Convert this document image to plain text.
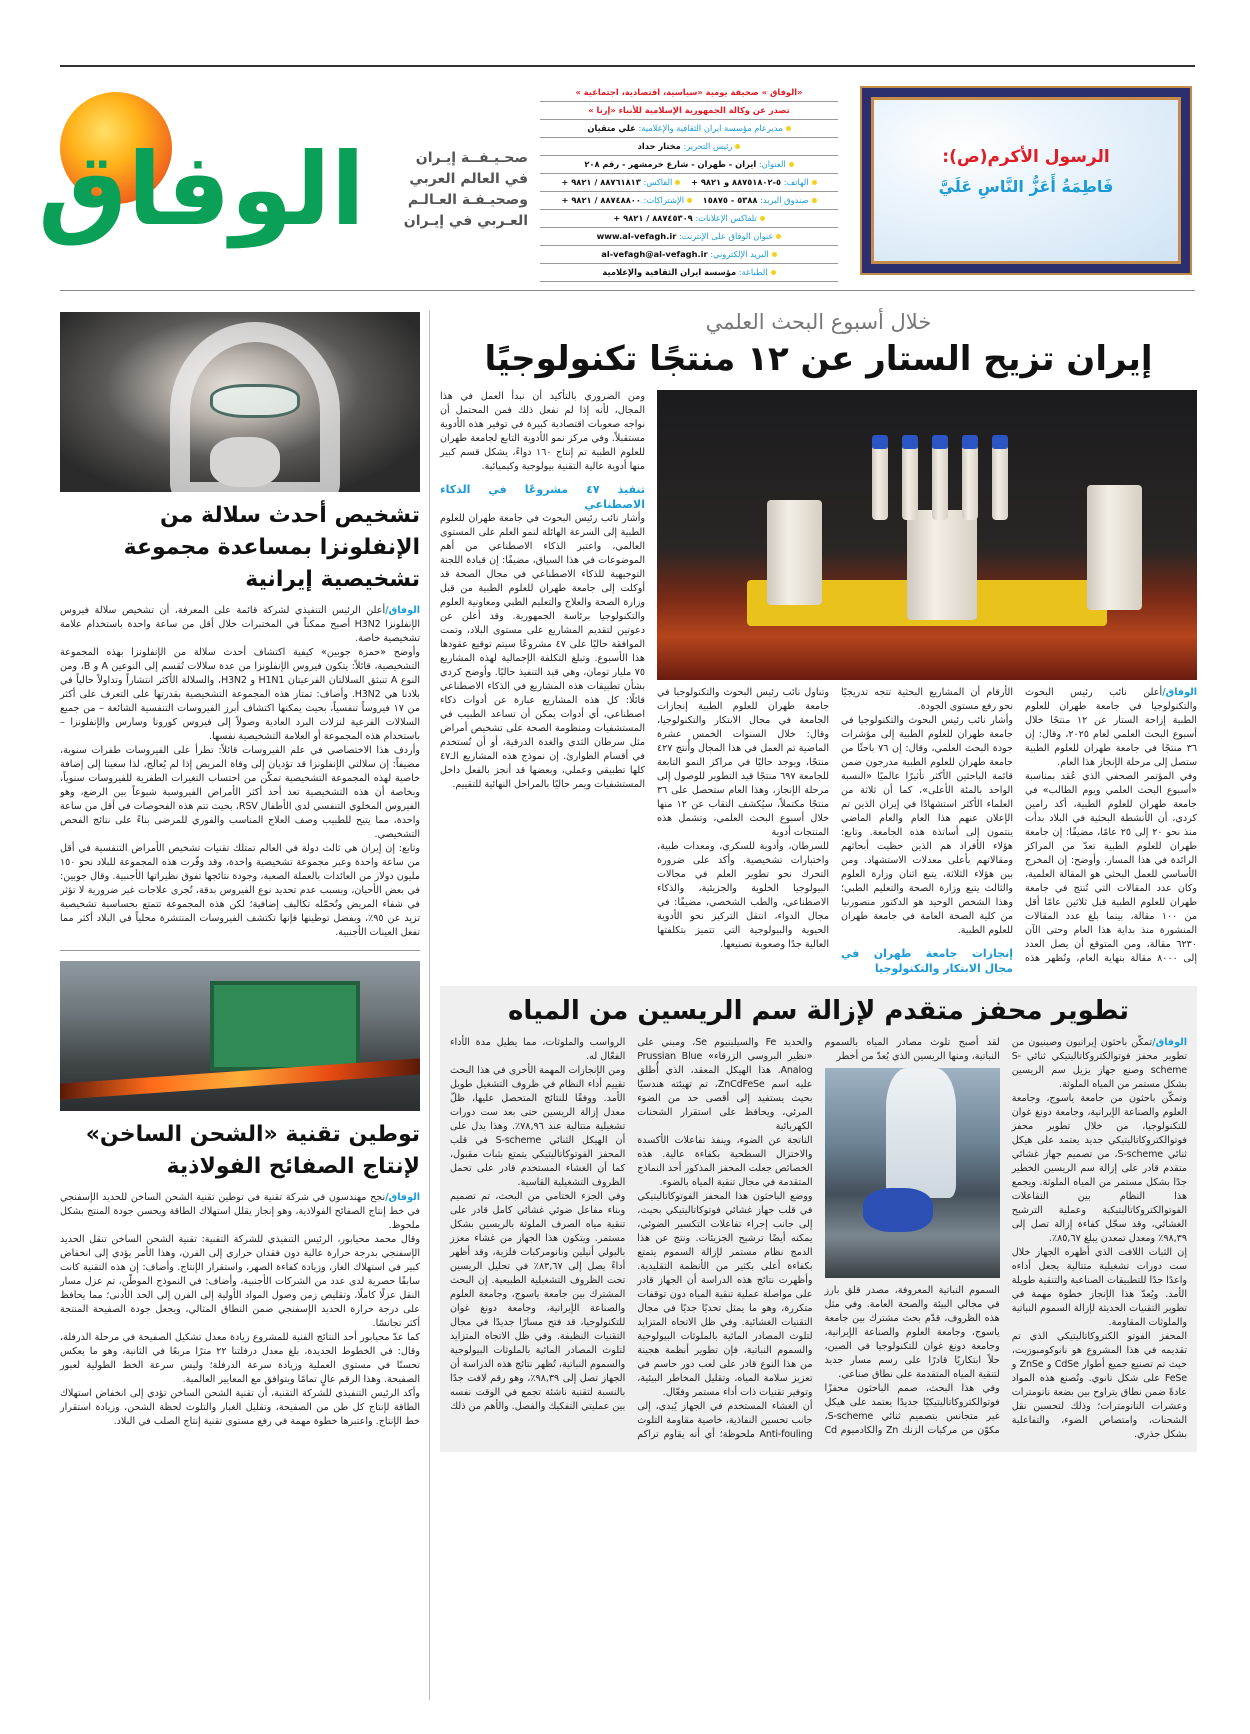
الرسول الأكرم(ص):
فَاطِمَةُ أَعَزُّ النَّاسِ عَلَيَّ
«الوفاق » صحيفة يومية «سياسية، اقتصادية، اجتماعية »
تصدر عن وكالة الجمهورية الإسلامية للأنباء «إرنا »
مديرعام مؤسسة ايران الثقافية والإعلامية: علي متقيان
رئيس التحرير: مختار حداد
العنوان: ايران - طهران - شارع خرمشهر - رقم ٢٠٨
الهاتف: ٥-٨٨٧٥١٨٠٢ و ٩٨٢١ + الفاكس: ٨٨٧٦١٨١٣ / ٩٨٢١ +
صندوق البريد: ٥٣٨٨ - ١٥٨٧٥ الإشتراكات: ٨٨٧٤٨٨٠٠ / ٩٨٢١ +
تلفاكس الإعلانات: ٨٨٧٤٥٣٠٩ / ٩٨٢١ +
عنوان الوفاق على الإنترنت: www.al-vefagh.ir
البريد الإلكتروني: al-vefagh@al-vefagh.ir
الطباعة: مؤسسة ايران الثقافية والإعلامية
الوفاق	صحـيـفــة إيـران
في العالم العربي
وصحيـفـة العـالـم
العـربي في إيـران
تشخيص أحدث سلالة من الإنفلونزا بمساعدة مجموعة تشخيصية إيرانية

الوفاق/أعلن الرئيس التنفيذي لشركة قائمة على المعرفة، أن تشخيص سلالة فيروس الإنفلونزا H3N2 أصبح ممكناً في المختبرات خلال أقل من ساعة واحدة باستخدام علامة تشخيصية خاصة.

وأوضح «حمزة جوبين» كيفية اكتشاف أحدث سلالة من الإنفلونزا بهذه المجموعة التشخيصية، قائلاً: يتكون فيروس الإنفلونزا من عدة سلالات تُقسم إلى النوعين A و B، ومن النوع A تنبثق السلالتان الفرعيتان H1N1 و H3N2، والسلالة الأكثر انتشاراً وتداولاً حالياً في بلادنا هي H3N2. وأضاف: تمتاز هذه المجموعة التشخيصية بقدرتها على التعرف على أكثر من ١٧ فيروساً تنفسياً، بحيث يمكنها اكتشاف أبرز الفيروسات التنفسية الشائعة – من جميع السلالات الفرعية لنزلات البرد العادية وصولاً إلى فيروس كورونا وسارس والإنفلونزا – باستخدام هذه المجموعة أو العلامة التشخيصية نفسها.

وأردف هذا الاختصاصي في علم الفيروسات قائلاً: تطرأ على الفيروسات طفرات سنوية، مضيفاً: إن سلالتي الإنفلونزا قد تؤديان إلى وفاة المريض إذا لم يُعالج، لذا سعينا إلى إضافة خاصية لهذه المجموعة التشخيصية تمكّن من احتساب التغيرات الطفرية للفيروسات سنوياً، وبخاصة أن هذه التشخيصية تعد أحد أكثر الأمراض الفيروسية شيوعاً بين الرضع، وهو الفيروس المخلوي التنفسي لدى الأطفال RSV، بحيث تتم هذه الفحوصات في أقل من ساعة واحدة، مما يتيح للطبيب وصف العلاج المناسب والفوري للمرضى بناءً على نتائج الفحص التشخيصي.

وتابع: إن إيران هي ثالث دولة في العالم تمتلك تقنيات تشخيص الأمراض التنفسية في أقل من ساعة واحدة وعبر مجموعة تشخيصية واحدة، وقد وفّرت هذه المجموعة للبلاد نحو ١٥٠ مليون دولار من العائدات بالعملة الصعبة، وجودة نتائجها تفوق نظيراتها الأجنبية. وقال جوبين: في بعض الأحيان، وبسبب عدم تحديد نوع الفيروس بدقة، تُجرى علاجات غير ضرورية لا تؤثر في شفاء المريض وتُحمّله تكاليف إضافية؛ لكن هذه المجموعة تتمتع بحساسية تشخيصية تزيد عن ٩٥٪، وبفضل توطينها فإنها تكتشف الفيروسات المنتشرة محلياً في البلاد أكثر مما تفعل العينات الأجنبية.

توطين تقنية «الشحن الساخن» لإنتاج الصفائح الفولاذية

الوفاق/نجح مهندسون في شركة تقنية في توطين تقنية الشحن الساخن للحديد الإسفنجي في خط إنتاج الصفائح الفولاذية، وهو إنجاز يقلل استهلاك الطاقة ويحسن جودة المنتج بشكل ملحوظ.

وقال محمد محيابور، الرئيس التنفيذي للشركة التقنية: تقنية الشحن الساخن تنقل الحديد الإسفنجي بدرجة حرارة عالية دون فقدان حراري إلى الفرن، وهذا الأمر يؤدي إلى انخفاض كبير في استهلاك الغاز، وزيادة كفاءة الصهر، واستقرار الإنتاج. وأضاف: إن هذه التقنية كانت سابقًا حصرية لدى عدد من الشركات الأجنبية، وأضاف: في النموذج الموطّن، تم عزل مسار النقل عزلًا كاملًا، وتقليص زمن وصول المواد الأولية إلى الفرن إلى الحد الأدنى؛ مما يحافظ على درجة حرارة الحديد الإسفنجي ضمن النطاق المثالي، ويجعل جودة الصفيحة المنتجة أكثر تجانسًا.

كما عدّ محيابور أحد النتائج الفنية للمشروع زيادة معدل تشكيل الصفيحة في مرحلة الدرفلة، وقال: في الخطوط الجديدة، بلغ معدل درفلتنا ٢٢ مترًا مربعًا في الثانية، وهو ما يعكس تحسنًا في مستوى العملية وزيادة سرعة الدرفلة؛ وليس سرعة الخط الطولية لعبور الصفيحة. وهذا الرقم عالٍ تمامًا ويتوافق مع المعايير العالمية.

وأكد الرئيس التنفيذي للشركة التقنية، أن تقنية الشحن الساخن تؤدي إلى انخفاض استهلاك الطاقة لإنتاج كل طن من الصفيحة، وتقليل الغبار والتلوث لحظة الشحن، وزيادة استقرار خط الإنتاج. واعتبرها خطوة مهمة في رفع مستوى تقنية إنتاج الصلب في البلاد.

خلال أسبوع البحث العلمي
إيران تزيح الستار عن ١٢ منتجًا تكنولوجيًا

ومن الضروري بالتأكيد أن نبدأ العمل في هذا المجال، لأنه إذا لم نفعل ذلك فمن المحتمل أن نواجه صعوبات اقتصادية كبيرة في توفير هذه الأدوية مستقبلاً. وفي مركز نمو الأدوية التابع لجامعة طهران للعلوم الطبية تم إنتاج ١٦٠ دواءً، يشكل قسم كبير منها أدوية عالية التقنية بيولوجية وكيميائية.

تنفيذ ٤٧ مشروعًا في الذكاء الاصطناعي

وأشار نائب رئيس البحوث في جامعة طهران للعلوم الطبية إلى السرعة الهائلة لنمو العلم على المستوى العالمي، واعتبر الذكاء الاصطناعي من أهم الموضوعات في هذا السياق، مضيفًا: إن قيادة اللجنة التوجيهية للذكاء الاصطناعي في مجال الصحة قد أوكلت إلى جامعة طهران للعلوم الطبية من قبل وزارة الصحة والعلاج والتعليم الطبي ومعاونية العلوم والتكنولوجيا برئاسة الجمهورية. وقد أعلن عن دعوتين لتقديم المشاريع على مستوى البلاد، وتمت الموافقة حاليًا على ٤٧ مشروعًا سيتم توقيع عقودها هذا الأسبوع. وتبلغ التكلفة الإجمالية لهذه المشاريع ٧٥ مليار تومان، وهي قيد التنفيذ حاليًا. وأوضح كردي بشأن تطبيقات هذه المشاريع في الذكاء الاصطناعي قائلًا: كل هذه المشاريع عبارة عن أدوات ذكاء اصطناعي، أي أدوات يمكن أن تساعد الطبيب في المستشفيات ومنظومة الصحة على تشخيص أمراض مثل سرطان الثدي والغدة الدرقية، أو أن تُستخدم في أقسام الطوارئ. إن نموذج هذه المشاريع الـ٤٧ كلها تطبيقي وعملي، وبعضها قد أنجز بالفعل داخل المستشفيات ويمر حاليًا بالمراحل النهائية للتقييم.

الوفاق/أعلن نائب رئيس البحوث والتكنولوجيا في جامعة طهران للعلوم الطبية إزاحة الستار عن ١٢ منتجًا خلال أسبوع البحث العلمي لعام ٢٠٢٥، وقال: إن ٣٦ منتجًا في جامعة طهران للعلوم الطبية ستصل إلى مرحلة الإنجاز هذا العام.

وفي المؤتمر الصحفي الذي عُقد بمناسبة «أسبوع البحث العلمي ويوم الطالب» في جامعة طهران للعلوم الطبية، أكد رامين كردي، أن الأنشطة البحثية في البلاد بدأت منذ نحو ٢٠ إلى ٢٥ عامًا، مضيفًا: إن جامعة طهران للعلوم الطبية تعدّ من المراكز الرائدة في هذا المسار. وأوضح: إن المخرج الأساسي للعمل البحثي هو المقالة العلمية، وكان عدد المقالات التي تُنتج في جامعة طهران للعلوم الطبية قبل ثلاثين عامًا أقل من ١٠٠ مقالة، بينما بلغ عدد المقالات المنشورة منذ بداية هذا العام وحتى الآن ٦٢٣٠ مقالة، ومن المتوقع أن يصل العدد إلى ٨٠٠٠ مقالة بنهاية العام، وتُظهر هذه الأرقام أن المشاريع البحثية تتجه تدريجيًا نحو رفع مستوى الجودة.

وأشار نائب رئيس البحوث والتكنولوجيا في جامعة طهران للعلوم الطبية إلى مؤشرات جودة البحث العلمي، وقال: إن ٧٦ باحثًا من جامعة طهران للعلوم الطبية مدرجون ضمن قائمة الباحثين الأكثر تأثيرًا عالميًا «النسبة الواحد بالمئة الأعلى»، كما أن ثلاثة من العلماء الأكثر استشهادًا في إيران الذين تم الإعلان عنهم هذا العام والعام الماضي ينتمون إلى أساتذة هذه الجامعة. وتابع: هؤلاء الأفراد هم الذين حظيت أبحاثهم ومقالاتهم بأعلى معدلات الاستشهاد. ومن بين هؤلاء الثلاثة، يتبع اثنان وزارة العلوم والثالث يتبع وزارة الصحة والتعليم الطبي؛ وهذا الشخص الوحيد هو الدكتور منصورنيا من كلية الصحة العامة في جامعة طهران للعلوم الطبية.

إنجازات جامعة طهران في مجال الابتكار والتكنولوجيا

وتناول نائب رئيس البحوث والتكنولوجيا في جامعة طهران للعلوم الطبية إنجازات الجامعة في مجال الابتكار والتكنولوجيا، وقال: خلال السنوات الخمس عشرة الماضية تم العمل في هذا المجال وأُنتج ٤٢٧ منتجًا، ويوجد حاليًا في مراكز النمو التابعة للجامعة ٦٩٧ منتجًا قيد التطوير للوصول إلى مرحلة الإنجاز، وهذا العام ستحصل على ٣٦ منتجًا مكتملاً، سيُكشف النقاب عن ١٢ منها خلال أسبوع البحث العلمي، وتشمل هذه المنتجات أدوية

للسرطان، وأدوية للسكري، ومعدات طبية، واختبارات تشخيصية. وأكد على ضرورة التحرك نحو تطوير العلم في مجالات البيولوجيا الخلوية والجزيئية، والذكاء الاصطناعي، والطب الشخصي، مضيفًا: في مجال الدواء، انتقل التركيز نحو الأدوية الحيوية والبيولوجية التي تتميز بتكلفتها العالية جدًا وصعوبة تصنيعها.

تطوير محفز متقدم لإزالة سم الريسين من المياه

الوفاق/تمكّن باحثون إيرانيون وصينيون من تطوير محفز فوتوالكتروكاتاليتيكي ثنائي S-scheme وصنع جهاز يزيل سم الريسين بشكل مستمر من المياه الملوثة.

وتمكّن باحثون من جامعة ياسوج، وجامعة العلوم والصناعة الإيرانية، وجامعة دونغ غوان للتكنولوجيا، من خلال تطوير محفز فوتوالكتروكاتاليتيكي جديد يعتمد على هيكل ثنائي S-scheme، من تصميم جهاز غشائي متقدم قادر على إزالة سم الريسين الخطير جدًا بشكل مستمر من المياه الملوثة. ويجمع هذا النظام بين التفاعلات الفوتوالكتروكاتاليتيكية وعملية الترشيح الغشائي، وقد سجّل كفاءة إزالة تصل إلى ٩٨,٣٩٪ ومعدل تمعدن يبلغ ٨٥,٦٧٪.

إن الثبات اللافت الذي أظهره الجهاز خلال ست دورات تشغيلية متتالية يجعل أداءه واعدًا جدًا للتطبيقات الصناعية والتنقية طويلة الأمد. ويُعدّ هذا الإنجاز خطوة مهمة في تطوير التقنيات الحديثة لإزالة السموم النباتية والملوثات المقاومة.

المحفز الفوتو الكتروكاتاليتيكي الذي تم تقديمه في هذا المشروع هو نانوكومبوزيت، حيث تم تصنيع جميع أطوار CdSe و ZnSe و FeSe على شكل نانوي. وتُصنع هذه المواد عادةً ضمن نطاق يتراوح بين بضعة نانومترات وعشرات النانومترات؛ وذلك لتحسين نقل الشحنات، وامتصاص الضوء، والتفاعلية بشكل جذري.

لقد أصبح تلوث مصادر المياه بالسموم النباتية، ومنها الريسين الذي يُعدّ من أخطر

السموم النباتية المعروفة، مصدر قلق بارز في مجالي البيئة والصحة العامة. وفي مثل هذه الظروف، قدّم بحث مشترك بين جامعة ياسوج، وجامعة العلوم والصناعة الإيرانية، وجامعة دونغ غوان للتكنولوجيا في الصين، حلاً ابتكاريًا قادرًا على رسم مسار جديد لتنقية المياه المتقدمة على نطاق صناعي.

وفي هذا البحث، صمم الباحثون محفزًا فوتوالكتروكاتاليتيكيًا جديدًا يعتمد على هيكل غير متجانس بتصميم ثنائي S-scheme، مكوّن من مركبات الزنك Zn والكادميوم Cd والحديد Fe والسيلينيوم Se، ومبني على «نظير البروسي الزرقاء» Prussian Blue Analog. هذا الهيكل المعقد، الذي أُطلق عليه اسم ZnCdFeSe، تم تهيئته هندسيًا بحيث يستفيد إلى أقصى حد من الضوء المرئي، ويحافظ على استقرار الشحنات الكهربائية

الناتجة عن الضوء، وينفذ تفاعلات الأكسدة والاختزال السطحية بكفاءة عالية. هذه الخصائص جعلت المحفز المذكور أحد النماذج المتقدمة في مجال تنقية المياه بالضوء.

ووضع الباحثون هذا المحفز الفوتوكاتاليتيكي في قلب جهاز غشائي فوتوكاتاليتيكي بحيث، إلى جانب إجراء تفاعلات التكسير الضوئي، يمكنه أيضًا ترشيح الجزيئات. ونتج عن هذا الدمج نظام مستمر لإزالة السموم يتمتع بكفاءة أعلى بكثير من الأنظمة التقليدية. وأظهرت نتائج هذه الدراسة أن الجهاز قادر على مواصلة عملية تنقية المياه دون توقفات متكررة، وهو ما يمثل تحديًا جديًا في مجال التقنيات الغشائية. وفي ظل الاتجاه المتزايد لتلوث المصادر المائية بالملوثات البيولوجية والسموم النباتية، فإن تطوير أنظمة هجينة من هذا النوع قادر على لعب دور حاسم في تعزيز سلامة المياه، وتقليل المخاطر البيئية، وتوفير تقنيات ذات أداء مستمر وفعّال.

أن الغشاء المستخدم في الجهاز يُبدي، إلى جانب تحسين النفاذية، خاصية مقاومة التلوث Anti-fouling ملحوظة؛ أي أنه يقاوم تراكم الرواسب والملوثات، مما يطيل مدة الأداء الفعّال له.

ومن الإنجازات المهمة الأخرى في هذا البحث تقييم أداء النظام في ظروف التشغيل طويل الأمد. ووفقًا للنتائج المتحصل عليها، ظلّ معدل إزالة الريسين حتى بعد ست دورات تشغيلية متتالية عند ٧٨,٩٦٪. وهذا يدل على أن الهيكل الثنائي S-scheme في قلب المحفز الفوتوكاتاليتيكي يتمتع بثبات مقبول، كما أن الغشاء المستخدم قادر على تحمل الظروف التشغيلية القاسية.

وفي الجزء الختامي من البحث، تم تصميم وبناء مفاعل ضوئي غشائي كامل قادر على تنقية مياه الصرف الملوثة بالريسين بشكل مستمر. ويتكون هذا الجهاز من غشاء معزز بالبولي أنيلين ونانومركبات فلزية، وقد أظهر أداءً يصل إلى ٨٣,٦٧٪ في تحليل الريسين تحت الظروف التشغيلية الطبيعية. إن البحث المشترك بين جامعة ياسوج، وجامعة العلوم والصناعة الإيرانية، وجامعة دونغ غوان للتكنولوجيا، قد فتح مسارًا جديدًا في مجال التقنيات النظيفة. وفي ظل الاتجاه المتزايد لتلوث المصادر المائية بالملوثات البيولوجية والسموم النباتية، تُظهر نتائج هذه الدراسة أن الجهاز تصل إلى ٩٨,٣٩٪، وهو رقم لافت جدًا بالنسبة لتقنية ناشئة تجمع في الوقت نفسه بين عمليتي التفكيك والفصل. والأهم من ذلك
